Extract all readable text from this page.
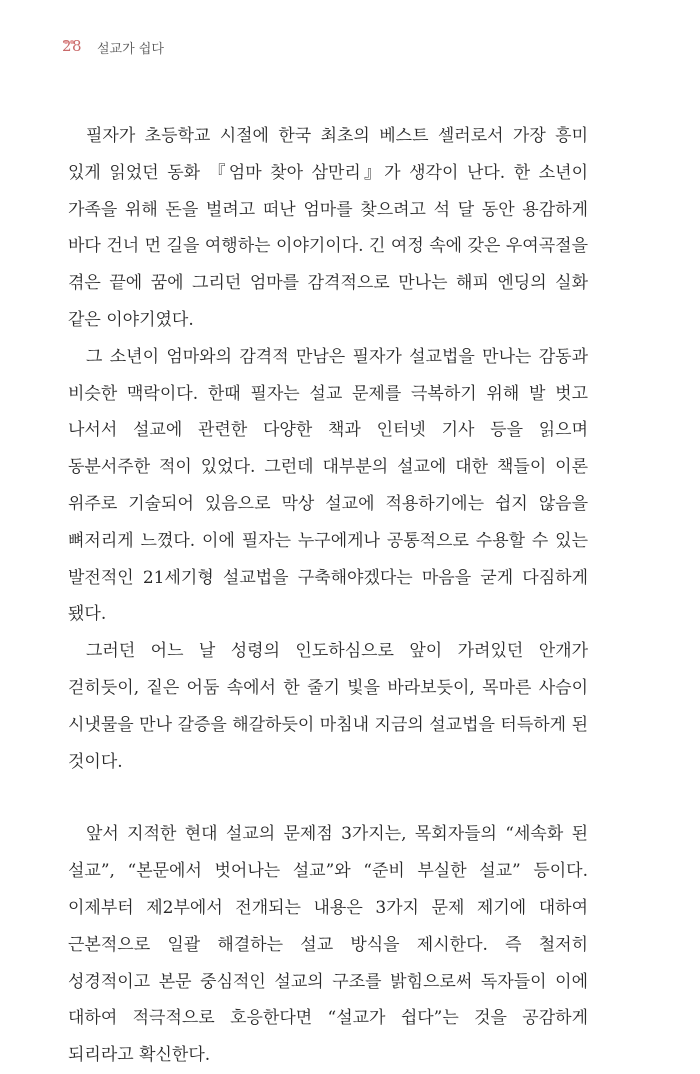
28 설교가 쉽다

필자가 초등학교 시절에 한국 최초의 베스트 셀러로서 가장 흥미 있게 읽었던 동화 『엄마 찾아 삼만리』가 생각이 난다. 한 소년이 가족을 위해 돈을 벌려고 떠난 엄마를 찾으려고 석 달 동안 용감하게 바다 건너 먼 길을 여행하는 이야기이다. 긴 여정 속에 갖은 우여곡절을 겪은 끝에 꿈에 그리던 엄마를 감격적으로 만나는 해피 엔딩의 실화 같은 이야기였다.

그 소년이 엄마와의 감격적 만남은 필자가 설교법을 만나는 감동과 비슷한 맥락이다. 한때 필자는 설교 문제를 극복하기 위해 발 벗고 나서서 설교에 관련한 다양한 책과 인터넷 기사 등을 읽으며 동분서주한 적이 있었다. 그런데 대부분의 설교에 대한 책들이 이론 위주로 기술되어 있음으로 막상 설교에 적용하기에는 쉽지 않음을 뼈저리게 느꼈다. 이에 필자는 누구에게나 공통적으로 수용할 수 있는 발전적인 21세기형 설교법을 구축해야겠다는 마음을 굳게 다짐하게 됐다.

그러던 어느 날 성령의 인도하심으로 앞이 가려있던 안개가 걷히듯이, 짙은 어둠 속에서 한 줄기 빛을 바라보듯이, 목마른 사슴이 시냇물을 만나 갈증을 해갈하듯이 마침내 지금의 설교법을 터득하게 된 것이다.

앞서 지적한 현대 설교의 문제점 3가지는, 목회자들의 “세속화 된 설교”, “본문에서 벗어나는 설교”와 “준비 부실한 설교” 등이다. 이제부터 제2부에서 전개되는 내용은 3가지 문제 제기에 대하여 근본적으로 일괄 해결하는 설교 방식을 제시한다. 즉 철저히 성경적이고 본문 중심적인 설교의 구조를 밝힘으로써 독자들이 이에 대하여 적극적으로 호응한다면 “설교가 쉽다”는 것을 공감하게 되리라고 확신한다.
